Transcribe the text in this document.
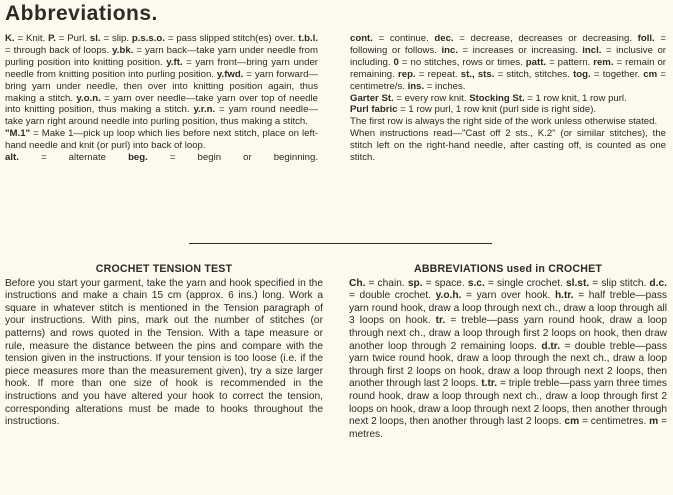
Abbreviations.

K. = Knit. P. = Purl. sl. = slip. p.s.s.o. = pass slipped stitch(es) over. t.b.l. = through back of loops. y.bk. = yarn back—take yarn under needle from purling position into knitting position. y.ft. = yarn front—bring yarn under needle from knitting position into purling position. y.fwd. = yarn forward—bring yarn under needle, then over into knitting position again, thus making a stitch. y.o.n. = yarn over needle—take yarn over top of needle into knitting position, thus making a stitch. y.r.n. = yarn round needle—take yarn right around needle into purling position, thus making a stitch.

"M.1" = Make 1—pick up loop which lies before next stitch, place on left-hand needle and knit (or purl) into back of loop.

alt. = alternate beg. = begin or beginning.

cont. = continue. dec. = decrease, decreases or decreasing. foll. = following or follows. inc. = increases or increasing. incl. = inclusive or including. 0 = no stitches, rows or times. patt. = pattern. rem. = remain or remaining. rep. = repeat. st., sts. = stitch, stitches. tog. = together. cm = centimetre/s. ins. = inches.

Garter St. = every row knit. Stocking St. = 1 row knit, 1 row purl.

Purl fabric = 1 row purl, 1 row knit (purl side is right side).

The first row is always the right side of the work unless otherwise stated.

When instructions read—"Cast off 2 sts., K.2" (or similar stitches), the stitch left on the right-hand needle, after casting off, is counted as one stitch.

CROCHET TENSION TEST

Before you start your garment, take the yarn and hook specified in the instructions and make a chain 15 cm (approx. 6 ins.) long. Work a square in whatever stitch is mentioned in the Tension paragraph of your instructions. With pins, mark out the number of stitches (or patterns) and rows quoted in the Tension. With a tape measure or rule, measure the distance between the pins and compare with the tension given in the instructions. If your tension is too loose (i.e. if the piece measures more than the measurement given), try a size larger hook. If more than one size of hook is recommended in the instructions and you have altered your hook to correct the tension, corresponding alterations must be made to hooks throughout the instructions.

ABBREVIATIONS used in CROCHET

Ch. = chain. sp. = space. s.c. = single crochet. sl.st. = slip stitch. d.c. = double crochet. y.o.h. = yarn over hook. h.tr. = half treble—pass yarn round hook, draw a loop through next ch., draw a loop through all 3 loops on hook. tr. = treble—pass yarn round hook, draw a loop through next ch., draw a loop through first 2 loops on hook, then draw another loop through 2 remaining loops. d.tr. = double treble—pass yarn twice round hook, draw a loop through the next ch., draw a loop through first 2 loops on hook, draw a loop through next 2 loops, then another through last 2 loops. t.tr. = triple treble—pass yarn three times round hook, draw a loop through next ch., draw a loop through first 2 loops on hook, draw a loop through next 2 loops, then another through next 2 loops, then another through last 2 loops. cm = centimetres. m = metres.
